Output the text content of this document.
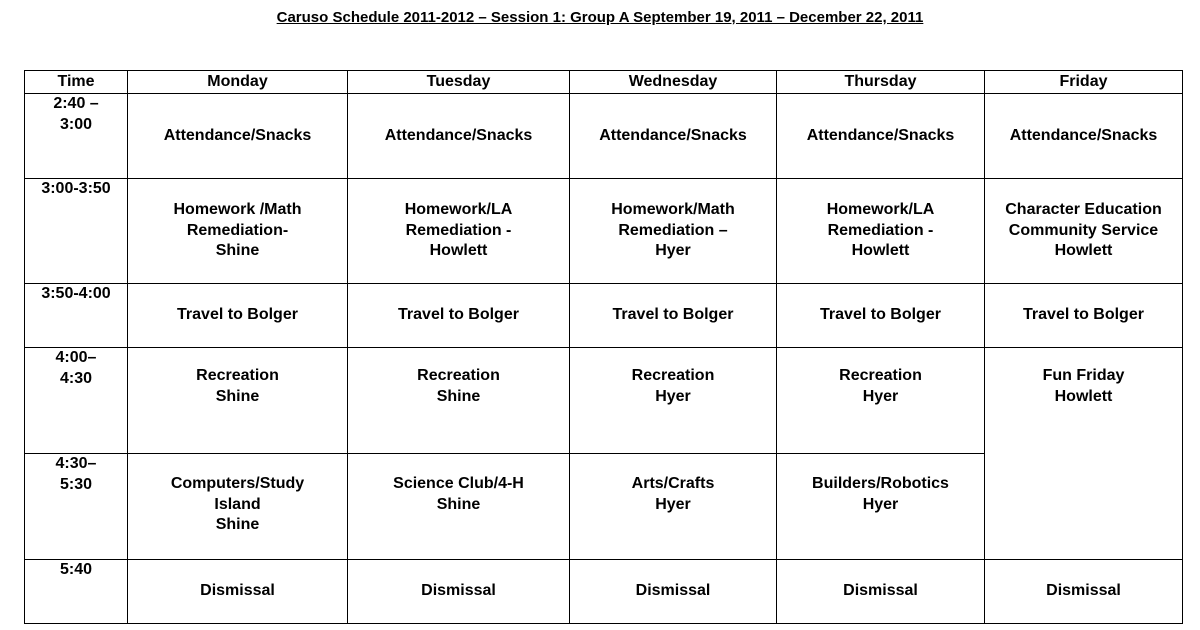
Caruso Schedule 2011-2012 – Session 1: Group A September 19, 2011 – December 22, 2011
Time	Monday	Tuesday	Wednesday	Thursday	Friday

2:40 –
3:00	Attendance/Snacks	Attendance/Snacks	Attendance/Snacks	Attendance/Snacks	Attendance/Snacks

3:00-3:50	Homework /Math
Remediation-
Shine	Homework/LA
Remediation -
Howlett	Homework/Math
Remediation –
Hyer	Homework/LA
Remediation -
Howlett	Character Education
Community Service
Howlett

3:50-4:00	Travel to Bolger	Travel to Bolger	Travel to Bolger	Travel to Bolger	Travel to Bolger

4:00–
4:30	Recreation
Shine	Recreation
Shine	Recreation
Hyer	Recreation
Hyer	Fun Friday
Howlett

4:30–
5:30	Computers/Study
Island
Shine	Science Club/4-H
Shine	Arts/Crafts
Hyer	Builders/Robotics
Hyer	

5:40	Dismissal	Dismissal	Dismissal	Dismissal	Dismissal
